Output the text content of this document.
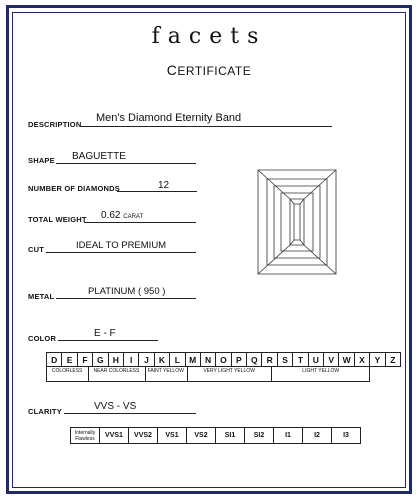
facets
CERTIFICATE
DESCRIPTION
Men's Diamond Eternity Band
SHAPE BAGUETTE
NUMBER OF DIAMONDS	12
TOTAL WEIGHT 0.62 CARAT
CUT	IDEAL TO PREMIUM
METAL	PLATINUM ( 950 )
COLOR	E - F
D	E	F	G	H	I	J	K	L	M	N	O	P	Q	R	S	T	U	V	W	X	Y	Z
COLORLESS	NEAR COLORLESS	FAINT YELLOW	VERY LIGHT YELLOW	LIGHT YELLOW
CLARITY	VVS - VS
Internally Flawless	VVS1	VVS2	VS1	VS2	SI1	SI2	I1	I2	I3
